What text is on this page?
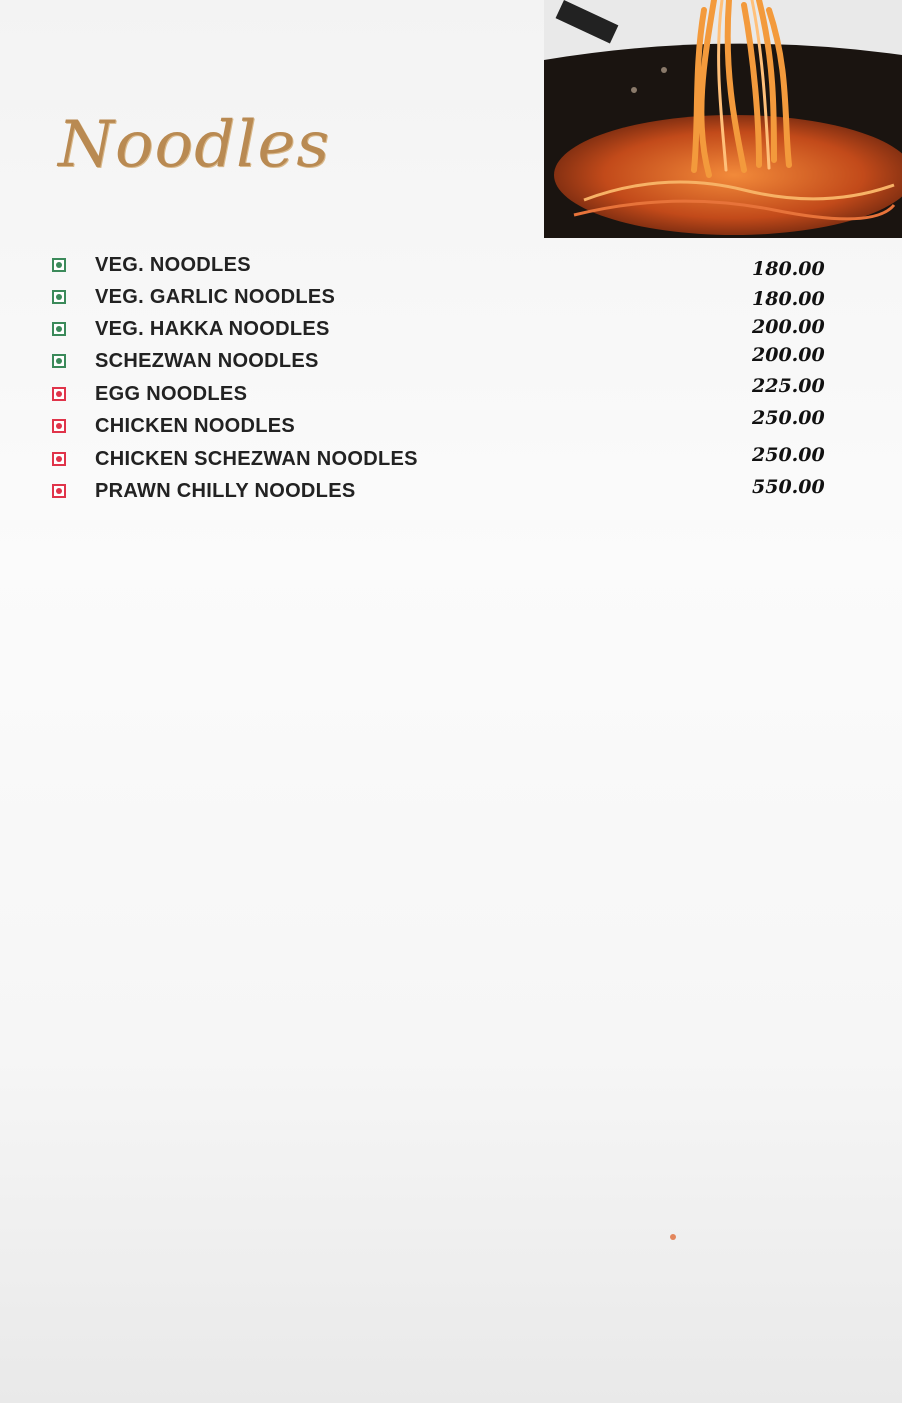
Noodles
VEG. NOODLES	180.00
VEG. GARLIC NOODLES	180.00
VEG. HAKKA NOODLES	200.00
SCHEZWAN NOODLES	200.00
EGG NOODLES	225.00
CHICKEN NOODLES	250.00
CHICKEN SCHEZWAN NOODLES	250.00
PRAWN CHILLY NOODLES	550.00
